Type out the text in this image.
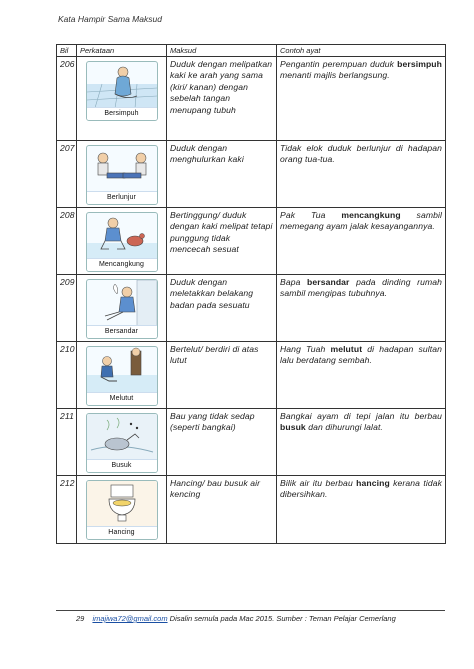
Kata Hampir Sama Maksud
Bil	Perkataan	Maksud	Contoh ayat
206	Bersimpuh	Duduk dengan melipatkan kaki ke arah yang sama (kiri/ kanan) dengan sebelah tangan menupang tubuh	Pengantin perempuan duduk bersimpuh menanti majlis berlangsung.

207	Berlunjur	Duduk dengan menghulurkan kaki	Tidak elok duduk berlunjur di hadapan orang tua-tua.

208	Mencangkung	Bertinggung/ duduk dengan kaki melipat tetapi punggung tidak mencecah sesuat	Pak Tua mencangkung sambil memegang ayam jalak kesayangannya.

209	Bersandar	Duduk dengan meletakkan belakang badan pada sesuatu	Bapa bersandar pada dinding rumah sambil mengipas tubuhnya.

210	Melutut	Bertelut/ berdiri di atas lutut	Hang Tuah melutut di hadapan sultan lalu berdatang sembah.

211	Busuk	Bau yang tidak sedap (seperti bangkai)	Bangkai ayam di tepi jalan itu berbau busuk dan dihurungi lalat.

212	Hancing	Hancing/ bau busuk air kencing	Bilik air itu berbau hancing kerana tidak dibersihkan.
29 imajiwa72@gmail.com Disalin semula pada Mac 2015. Sumber : Teman Pelajar Cemerlang
